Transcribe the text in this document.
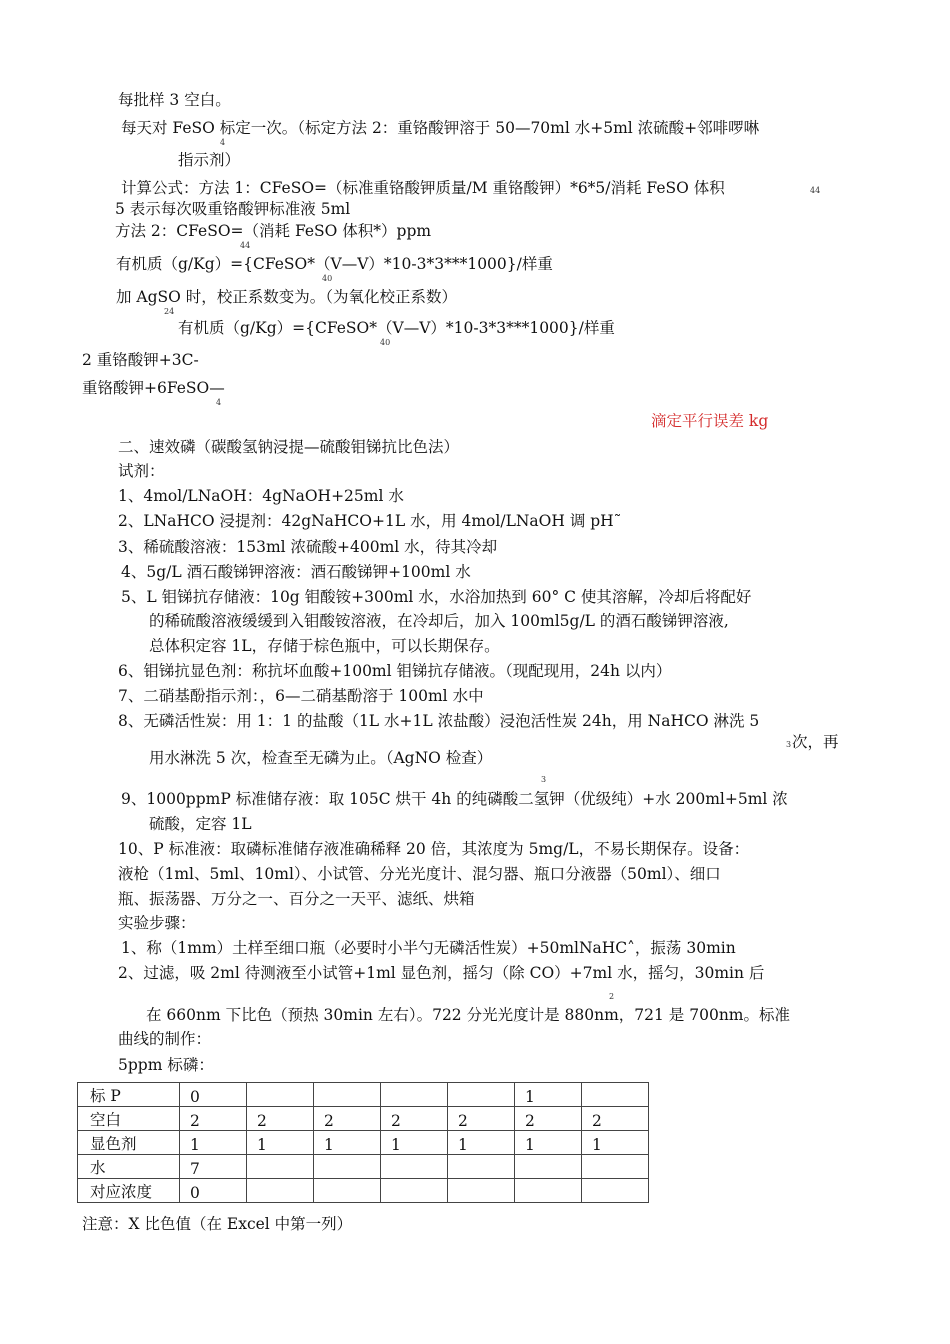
每批样 3 空白。
每天对 FeSO 标定一次。（标定方法 2：重铬酸钾溶于 50—70ml 水+5ml 浓硫酸+邻啡啰啉
4
指示剂）
计算公式：方法 1：CFeSO=（标准重铬酸钾质量/M 重铬酸钾）*6*5/消耗 FeSO 体积	44
5 表示每次吸重铬酸钾标准液 5ml
方法 2：CFeSO=（消耗 FeSO 体积*）ppm
44
有机质（g/Kg）={CFeSO*（V—V）*10-3*3***1000}/样重
40
加 AgSO 时，校正系数变为。（为氧化校正系数）
24
有机质（g/Kg）={CFeSO*（V—V）*10-3*3***1000}/样重
40
2 重铬酸钾+3C-
重铬酸钾+6FeSO—
4
滴定平行误差 kg
二、速效磷（碳酸氢钠浸提—硫酸钼锑抗比色法）
试剂：
1、4mol/LNaOH：4gNaOH+25ml 水
2、LNaHCO 浸提剂：42gNaHCO+1L 水，用 4mol/LNaOH 调 pH˜
3、稀硫酸溶液：153ml 浓硫酸+400ml 水，待其冷却
4、5g/L 酒石酸锑钾溶液：酒石酸锑钾+100ml 水
5、L 钼锑抗存储液：10g 钼酸铵+300ml 水，水浴加热到 60° C 使其溶解，冷却后将配好
的稀硫酸溶液缓缓到入钼酸铵溶液，在冷却后，加入 100ml5g/L 的酒石酸锑钾溶液,
总体积定容 1L，存储于棕色瓶中，可以长期保存。
6、钼锑抗显色剂：称抗坏血酸+100ml 钼锑抗存储液。（现配现用，24h 以内）
7、二硝基酚指示剂：，6—二硝基酚溶于 100ml 水中
8、无磷活性炭：用 1：1 的盐酸（1L 水+1L 浓盐酸）浸泡活性炭 24h，用 NaHCO 淋洗 5
3 次，再
用水淋洗 5 次，检查至无磷为止。（AgNO 检查）
3
9、1000ppmP 标准储存液：取 105C 烘干 4h 的纯磷酸二氢钾（优级纯）+水 200ml+5ml 浓
硫酸，定容 1L
10、P 标准液：取磷标准储存液准确稀释 20 倍，其浓度为 5mg/L，不易长期保存。设备：
液枪（1ml、5ml、10ml）、小试管、分光光度计、混匀器、瓶口分液器（50ml）、细口
瓶、振荡器、万分之一、百分之一天平、滤纸、烘箱
实验步骤：
1、称（1mm）土样至细口瓶（必要时小半勺无磷活性炭）+50mlNaHC˄，振荡 30min
2、过滤，吸 2ml 待测液至小试管+1ml 显色剂，摇匀（除 CO）+7ml 水，摇匀，30min 后
2
在 660nm 下比色（预热 30min 左右）。722 分光光度计是 880nm，721 是 700nm。标准
曲线的制作：
5ppm 标磷：
标 P	0					1	
空白	2	2	2	2	2	2	2
显色剂	1	1	1	1	1	1	1
水	7						
对应浓度	0						
注意：X 比色值（在 Excel 中第一列）
